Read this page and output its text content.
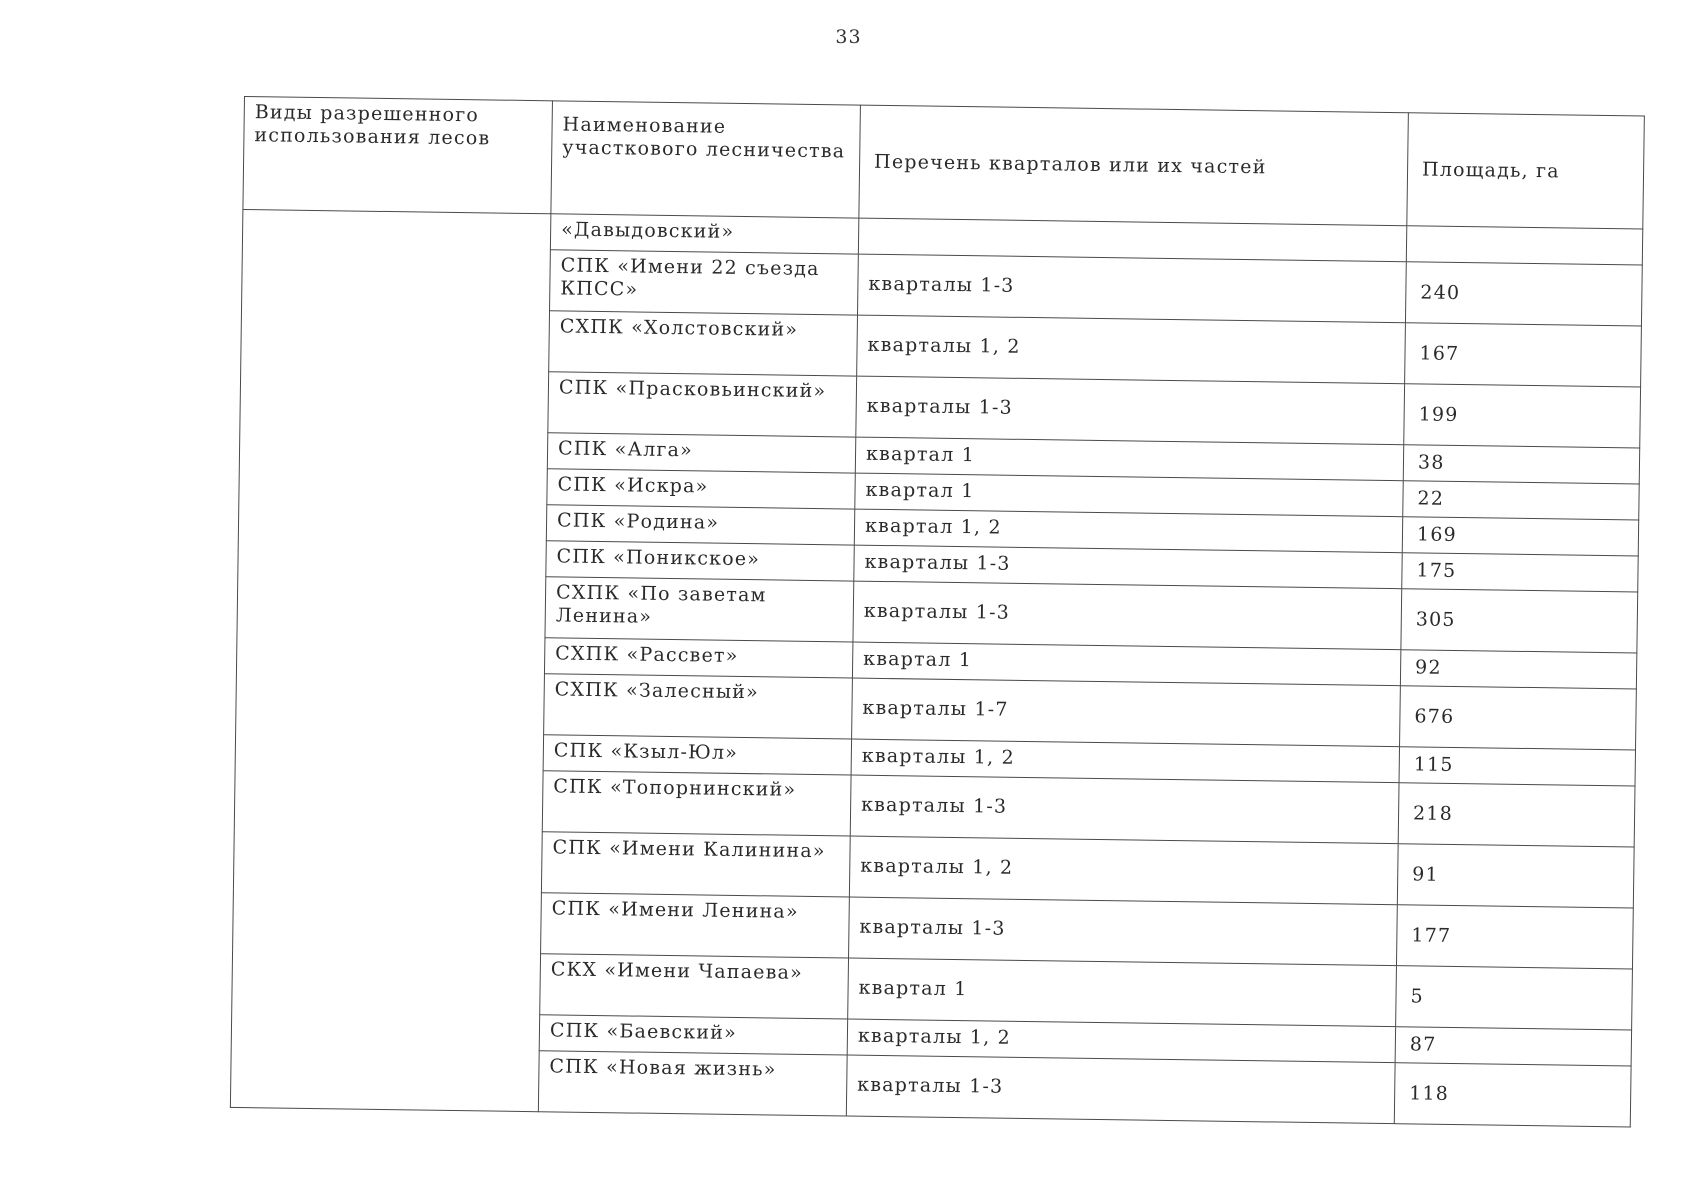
33
Виды разрешенного использования лесов	Наименование участкового лесничества	Перечень кварталов или их частей	Площадь, га
	«Давыдовский»		
	СПК «Имени 22 съезда КПСС»	кварталы 1-3	240
	СХПК «Холстовский»	кварталы 1, 2	167
	СПК «Прасковьинский»	кварталы 1-3	199
	СПК «Алга»	квартал 1	38
	СПК «Искра»	квартал 1	22
	СПК «Родина»	квартал 1, 2	169
	СПК «Поникское»	кварталы 1-3	175
	СХПК «По заветам Ленина»	кварталы 1-3	305
	СХПК «Рассвет»	квартал 1	92
	СХПК «Залесный»	кварталы 1-7	676
	СПК «Кзыл-Юл»	кварталы 1, 2	115
	СПК «Топорнинский»	кварталы 1-3	218
	СПК «Имени Калинина»	кварталы 1, 2	91
	СПК «Имени Ленина»	кварталы 1-3	177
	СКХ «Имени Чапаева»	квартал 1	5
	СПК «Баевский»	кварталы 1, 2	87
	СПК «Новая жизнь»	кварталы 1-3	118
